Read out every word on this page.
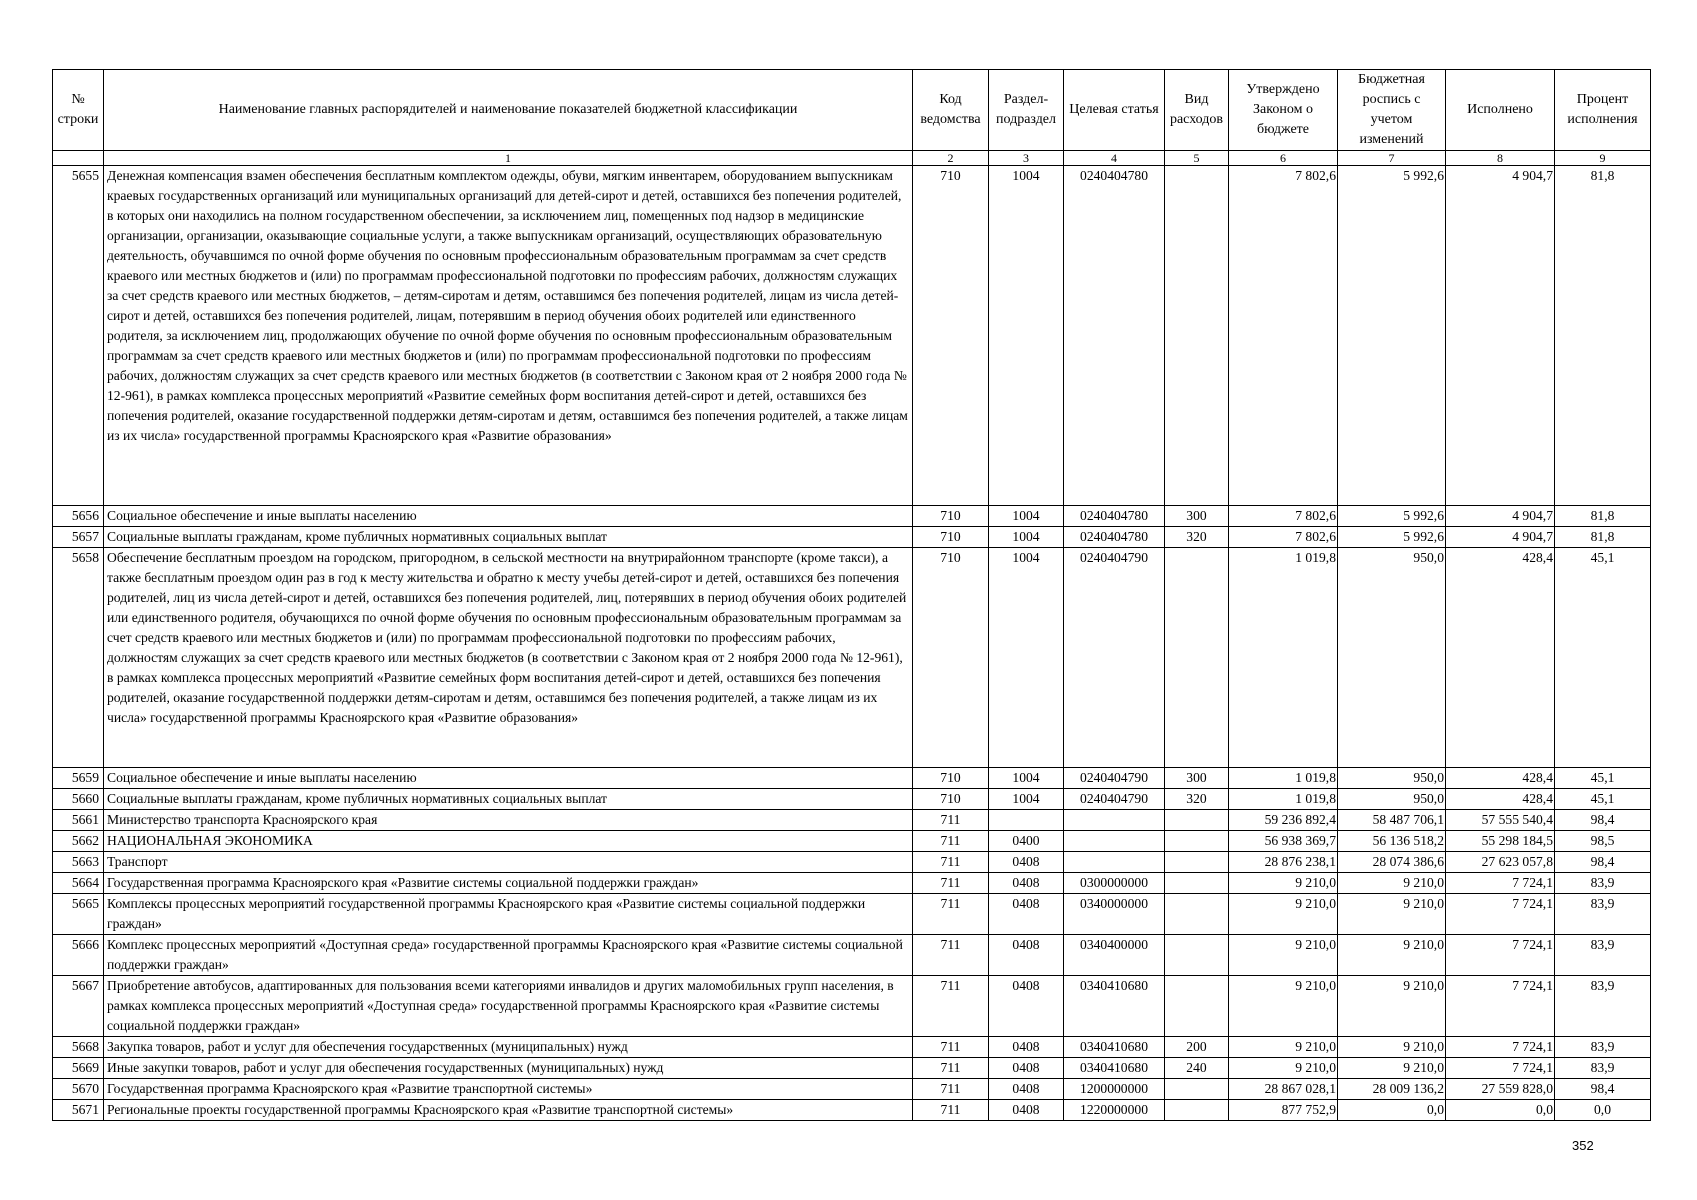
№ строки	Наименование главных распорядителей и наименование показателей бюджетной классификации	Код ведомства	Раздел-подраздел	Целевая статья	Вид расходов	Утверждено Законом о бюджете	Бюджетная роспись с учетом изменений	Исполнено	Процент исполнения
	1	2	3	4	5	6	7	8	9
5655	Денежная компенсация взамен обеспечения бесплатным комплектом одежды, обуви, мягким инвентарем, оборудованием выпускникам краевых государственных организаций или муниципальных организаций для детей-сирот и детей, оставшихся без попечения родителей, в которых они находились на полном государственном обеспечении, за исключением лиц, помещенных под надзор в медицинские организации, организации, оказывающие социальные услуги, а также выпускникам организаций, осуществляющих образовательную деятельность, обучавшимся по очной форме обучения по основным профессиональным образовательным программам за счет средств краевого или местных бюджетов и (или) по программам профессиональной подготовки по профессиям рабочих, должностям служащих за счет средств краевого или местных бюджетов, – детям-сиротам и детям, оставшимся без попечения родителей, лицам из числа детей-сирот и детей, оставшихся без попечения родителей, лицам, потерявшим в период обучения обоих родителей или единственного родителя, за исключением лиц, продолжающих обучение по очной форме обучения по основным профессиональным образовательным программам за счет средств краевого или местных бюджетов и (или) по программам профессиональной подготовки по профессиям рабочих, должностям служащих за счет средств краевого или местных бюджетов (в соответствии с Законом края от 2 ноября 2000 года № 12-961), в рамках комплекса процессных мероприятий «Развитие семейных форм воспитания детей-сирот и детей, оставшихся без попечения родителей, оказание государственной поддержки детям-сиротам и детям, оставшимся без попечения родителей, а также лицам из их числа» государственной программы Красноярского края «Развитие образования»	710	1004	0240404780		7 802,6	5 992,6	4 904,7	81,8
5656	Социальное обеспечение и иные выплаты населению	710	1004	0240404780	300	7 802,6	5 992,6	4 904,7	81,8
5657	Социальные выплаты гражданам, кроме публичных нормативных социальных выплат	710	1004	0240404780	320	7 802,6	5 992,6	4 904,7	81,8
5658	Обеспечение бесплатным проездом на городском, пригородном, в сельской местности на внутрирайонном транспорте (кроме такси), а также бесплатным проездом один раз в год к месту жительства и обратно к месту учебы детей-сирот и детей, оставшихся без попечения родителей, лиц из числа детей-сирот и детей, оставшихся без попечения родителей, лиц, потерявших в период обучения обоих родителей или единственного родителя, обучающихся по очной форме обучения по основным профессиональным образовательным программам за счет средств краевого или местных бюджетов и (или) по программам профессиональной подготовки по профессиям рабочих, должностям служащих за счет средств краевого или местных бюджетов (в соответствии с Законом края от 2 ноября 2000 года № 12-961), в рамках комплекса процессных мероприятий «Развитие семейных форм воспитания детей-сирот и детей, оставшихся без попечения родителей, оказание государственной поддержки детям-сиротам и детям, оставшимся без попечения родителей, а также лицам из их числа» государственной программы Красноярского края «Развитие образования»	710	1004	0240404790		1 019,8	950,0	428,4	45,1
5659	Социальное обеспечение и иные выплаты населению	710	1004	0240404790	300	1 019,8	950,0	428,4	45,1
5660	Социальные выплаты гражданам, кроме публичных нормативных социальных выплат	710	1004	0240404790	320	1 019,8	950,0	428,4	45,1
5661	Министерство транспорта Красноярского края	711				59 236 892,4	58 487 706,1	57 555 540,4	98,4
5662	НАЦИОНАЛЬНАЯ ЭКОНОМИКА	711	0400			56 938 369,7	56 136 518,2	55 298 184,5	98,5
5663	Транспорт	711	0408			28 876 238,1	28 074 386,6	27 623 057,8	98,4
5664	Государственная программа Красноярского края «Развитие системы социальной поддержки граждан»	711	0408	0300000000		9 210,0	9 210,0	7 724,1	83,9
5665	Комплексы процессных мероприятий государственной программы Красноярского края «Развитие системы социальной поддержки граждан»	711	0408	0340000000		9 210,0	9 210,0	7 724,1	83,9
5666	Комплекс процессных мероприятий «Доступная среда» государственной программы Красноярского края «Развитие системы социальной поддержки граждан»	711	0408	0340400000		9 210,0	9 210,0	7 724,1	83,9
5667	Приобретение автобусов, адаптированных для пользования всеми категориями инвалидов и других маломобильных групп населения, в рамках комплекса процессных мероприятий «Доступная среда» государственной программы Красноярского края «Развитие системы социальной поддержки граждан»	711	0408	0340410680		9 210,0	9 210,0	7 724,1	83,9
5668	Закупка товаров, работ и услуг для обеспечения государственных (муниципальных) нужд	711	0408	0340410680	200	9 210,0	9 210,0	7 724,1	83,9
5669	Иные закупки товаров, работ и услуг для обеспечения государственных (муниципальных) нужд	711	0408	0340410680	240	9 210,0	9 210,0	7 724,1	83,9
5670	Государственная программа Красноярского края «Развитие транспортной системы»	711	0408	1200000000		28 867 028,1	28 009 136,2	27 559 828,0	98,4
5671	Региональные проекты государственной программы Красноярского края «Развитие транспортной системы»	711	0408	1220000000		877 752,9	0,0	0,0	0,0
352
